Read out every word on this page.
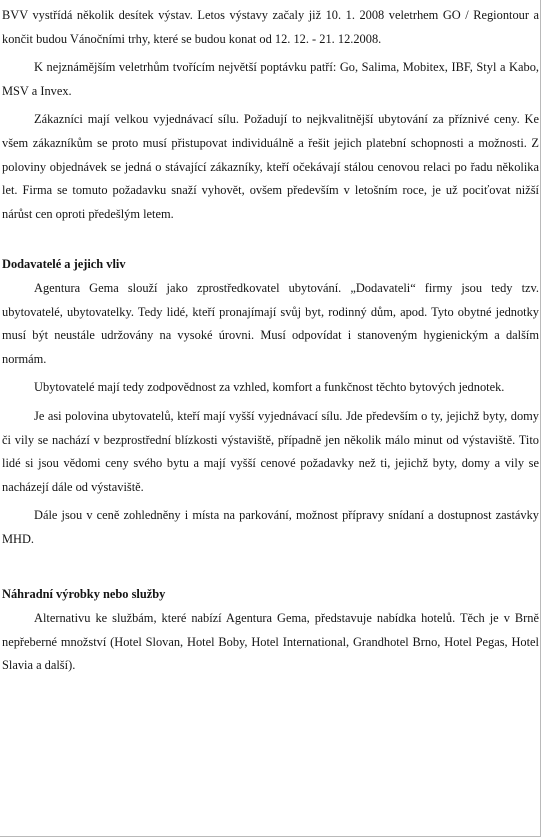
BVV vystřídá několik desítek výstav. Letos výstavy začaly již 10. 1. 2008 veletrhem GO / Regiontour a končit budou Vánočními trhy, které se budou konat od 12. 12. - 21. 12.2008.

K nejznámějším veletrhům tvořícím největší poptávku patří: Go, Salima, Mobitex, IBF, Styl a Kabo, MSV a Invex.

Zákazníci mají velkou vyjednávací sílu. Požadují to nejkvalitnější ubytování za příznivé ceny. Ke všem zákazníkům se proto musí přistupovat individuálně a řešit jejich platební schopnosti a možnosti. Z poloviny objednávek se jedná o stávající zákazníky, kteří očekávají stálou cenovou relaci po řadu několika let. Firma se tomuto požadavku snaží vyhovět, ovšem především v letošním roce, je už pociťovat nižší nárůst cen oproti předešlým letem.

Dodavatelé a jejich vliv

Agentura Gema slouží jako zprostředkovatel ubytování. „Dodavateli“ firmy jsou tedy tzv. ubytovatelé, ubytovatelky. Tedy lidé, kteří pronajímají svůj byt, rodinný dům, apod. Tyto obytné jednotky musí být neustále udržovány na vysoké úrovni. Musí odpovídat i stanoveným hygienickým a dalším normám.

Ubytovatelé mají tedy zodpovědnost za vzhled, komfort a funkčnost těchto bytových jednotek.

Je asi polovina ubytovatelů, kteří mají vyšší vyjednávací sílu. Jde především o ty, jejichž byty, domy či vily se nachází v bezprostřední blízkosti výstaviště, případně jen několik málo minut od výstaviště. Tito lidé si jsou vědomi ceny svého bytu a mají vyšší cenové požadavky než ti, jejichž byty, domy a vily se nacházejí dále od výstaviště.

Dále jsou v ceně zohledněny i místa na parkování, možnost přípravy snídaní a dostupnost zastávky MHD.

Náhradní výrobky nebo služby

Alternativu ke službám, které nabízí Agentura Gema, představuje nabídka hotelů. Těch je v Brně nepřeberné množství (Hotel Slovan, Hotel Boby, Hotel International, Grandhotel Brno, Hotel Pegas, Hotel Slavia a další).
